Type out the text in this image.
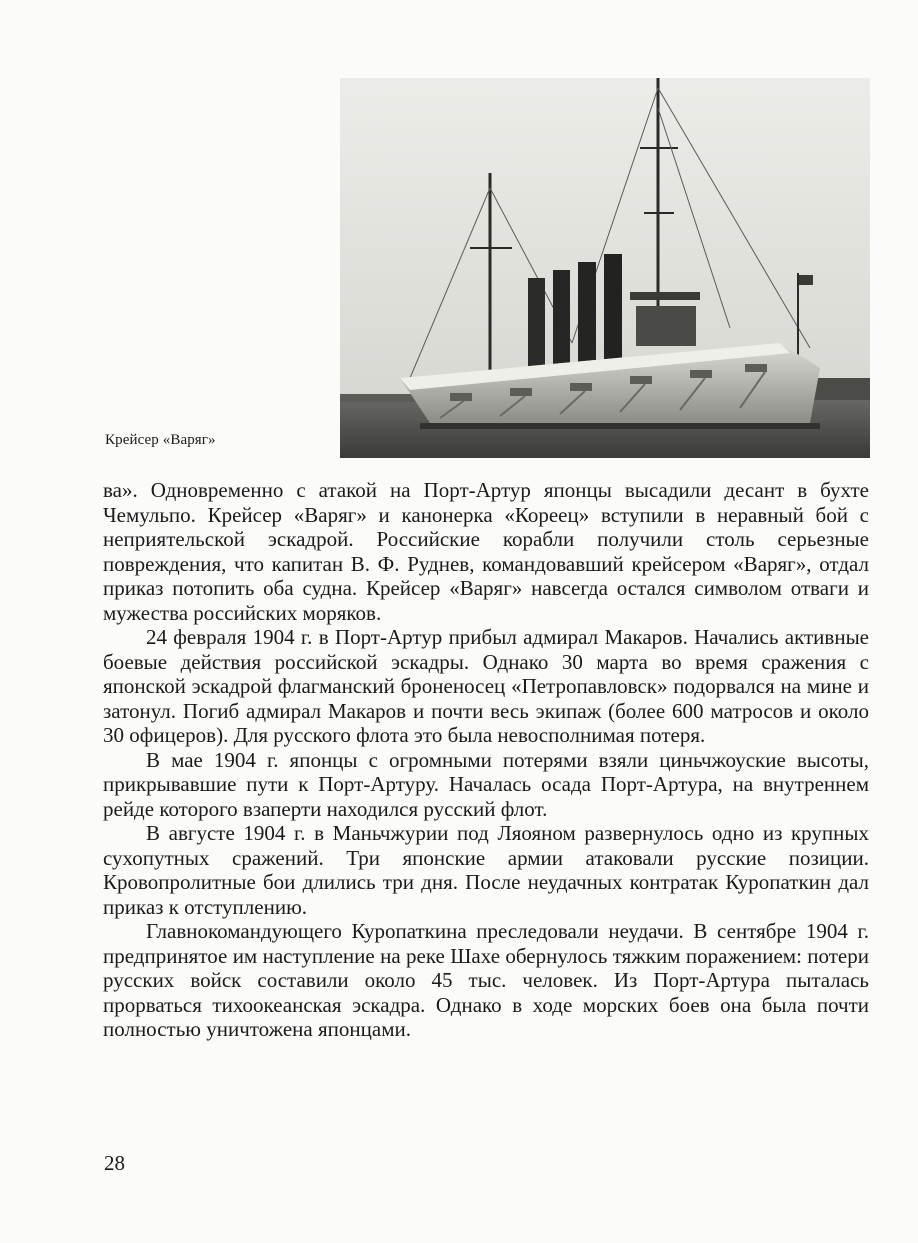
Крейсер «Варяг»

ва». Одновременно с атакой на Порт-Артур японцы высадили десант в бухте Чемульпо. Крейсер «Варяг» и канонерка «Кореец» вступили в неравный бой с неприятельской эскадрой. Российские корабли получили столь серьезные повреждения, что капитан В. Ф. Руднев, командовавший крейсером «Варяг», отдал приказ потопить оба судна. Крейсер «Варяг» навсегда остался символом отваги и мужества российских моряков.

24 февраля 1904 г. в Порт-Артур прибыл адмирал Макаров. Начались активные боевые действия российской эскадры. Однако 30 марта во время сражения с японской эскадрой флагманский броненосец «Петропавловск» подорвался на мине и затонул. Погиб адмирал Макаров и почти весь экипаж (более 600 матросов и около 30 офицеров). Для русского флота это была невосполнимая потеря.

В мае 1904 г. японцы с огромными потерями взяли циньчжоуские высоты, прикрывавшие пути к Порт-Артуру. Началась осада Порт-Артура, на внутреннем рейде которого взаперти находился русский флот.

В августе 1904 г. в Маньчжурии под Ляояном развернулось одно из крупных сухопутных сражений. Три японские армии атаковали русские позиции. Кровопролитные бои длились три дня. После неудачных контратак Куропаткин дал приказ к отступлению.

Главнокомандующего Куропаткина преследовали неудачи. В сентябре 1904 г. предпринятое им наступление на реке Шахе обернулось тяжким поражением: потери русских войск составили около 45 тыс. человек. Из Порт-Артура пыталась прорваться тихоокеанская эскадра. Однако в ходе морских боев она была почти полностью уничтожена японцами.

28
